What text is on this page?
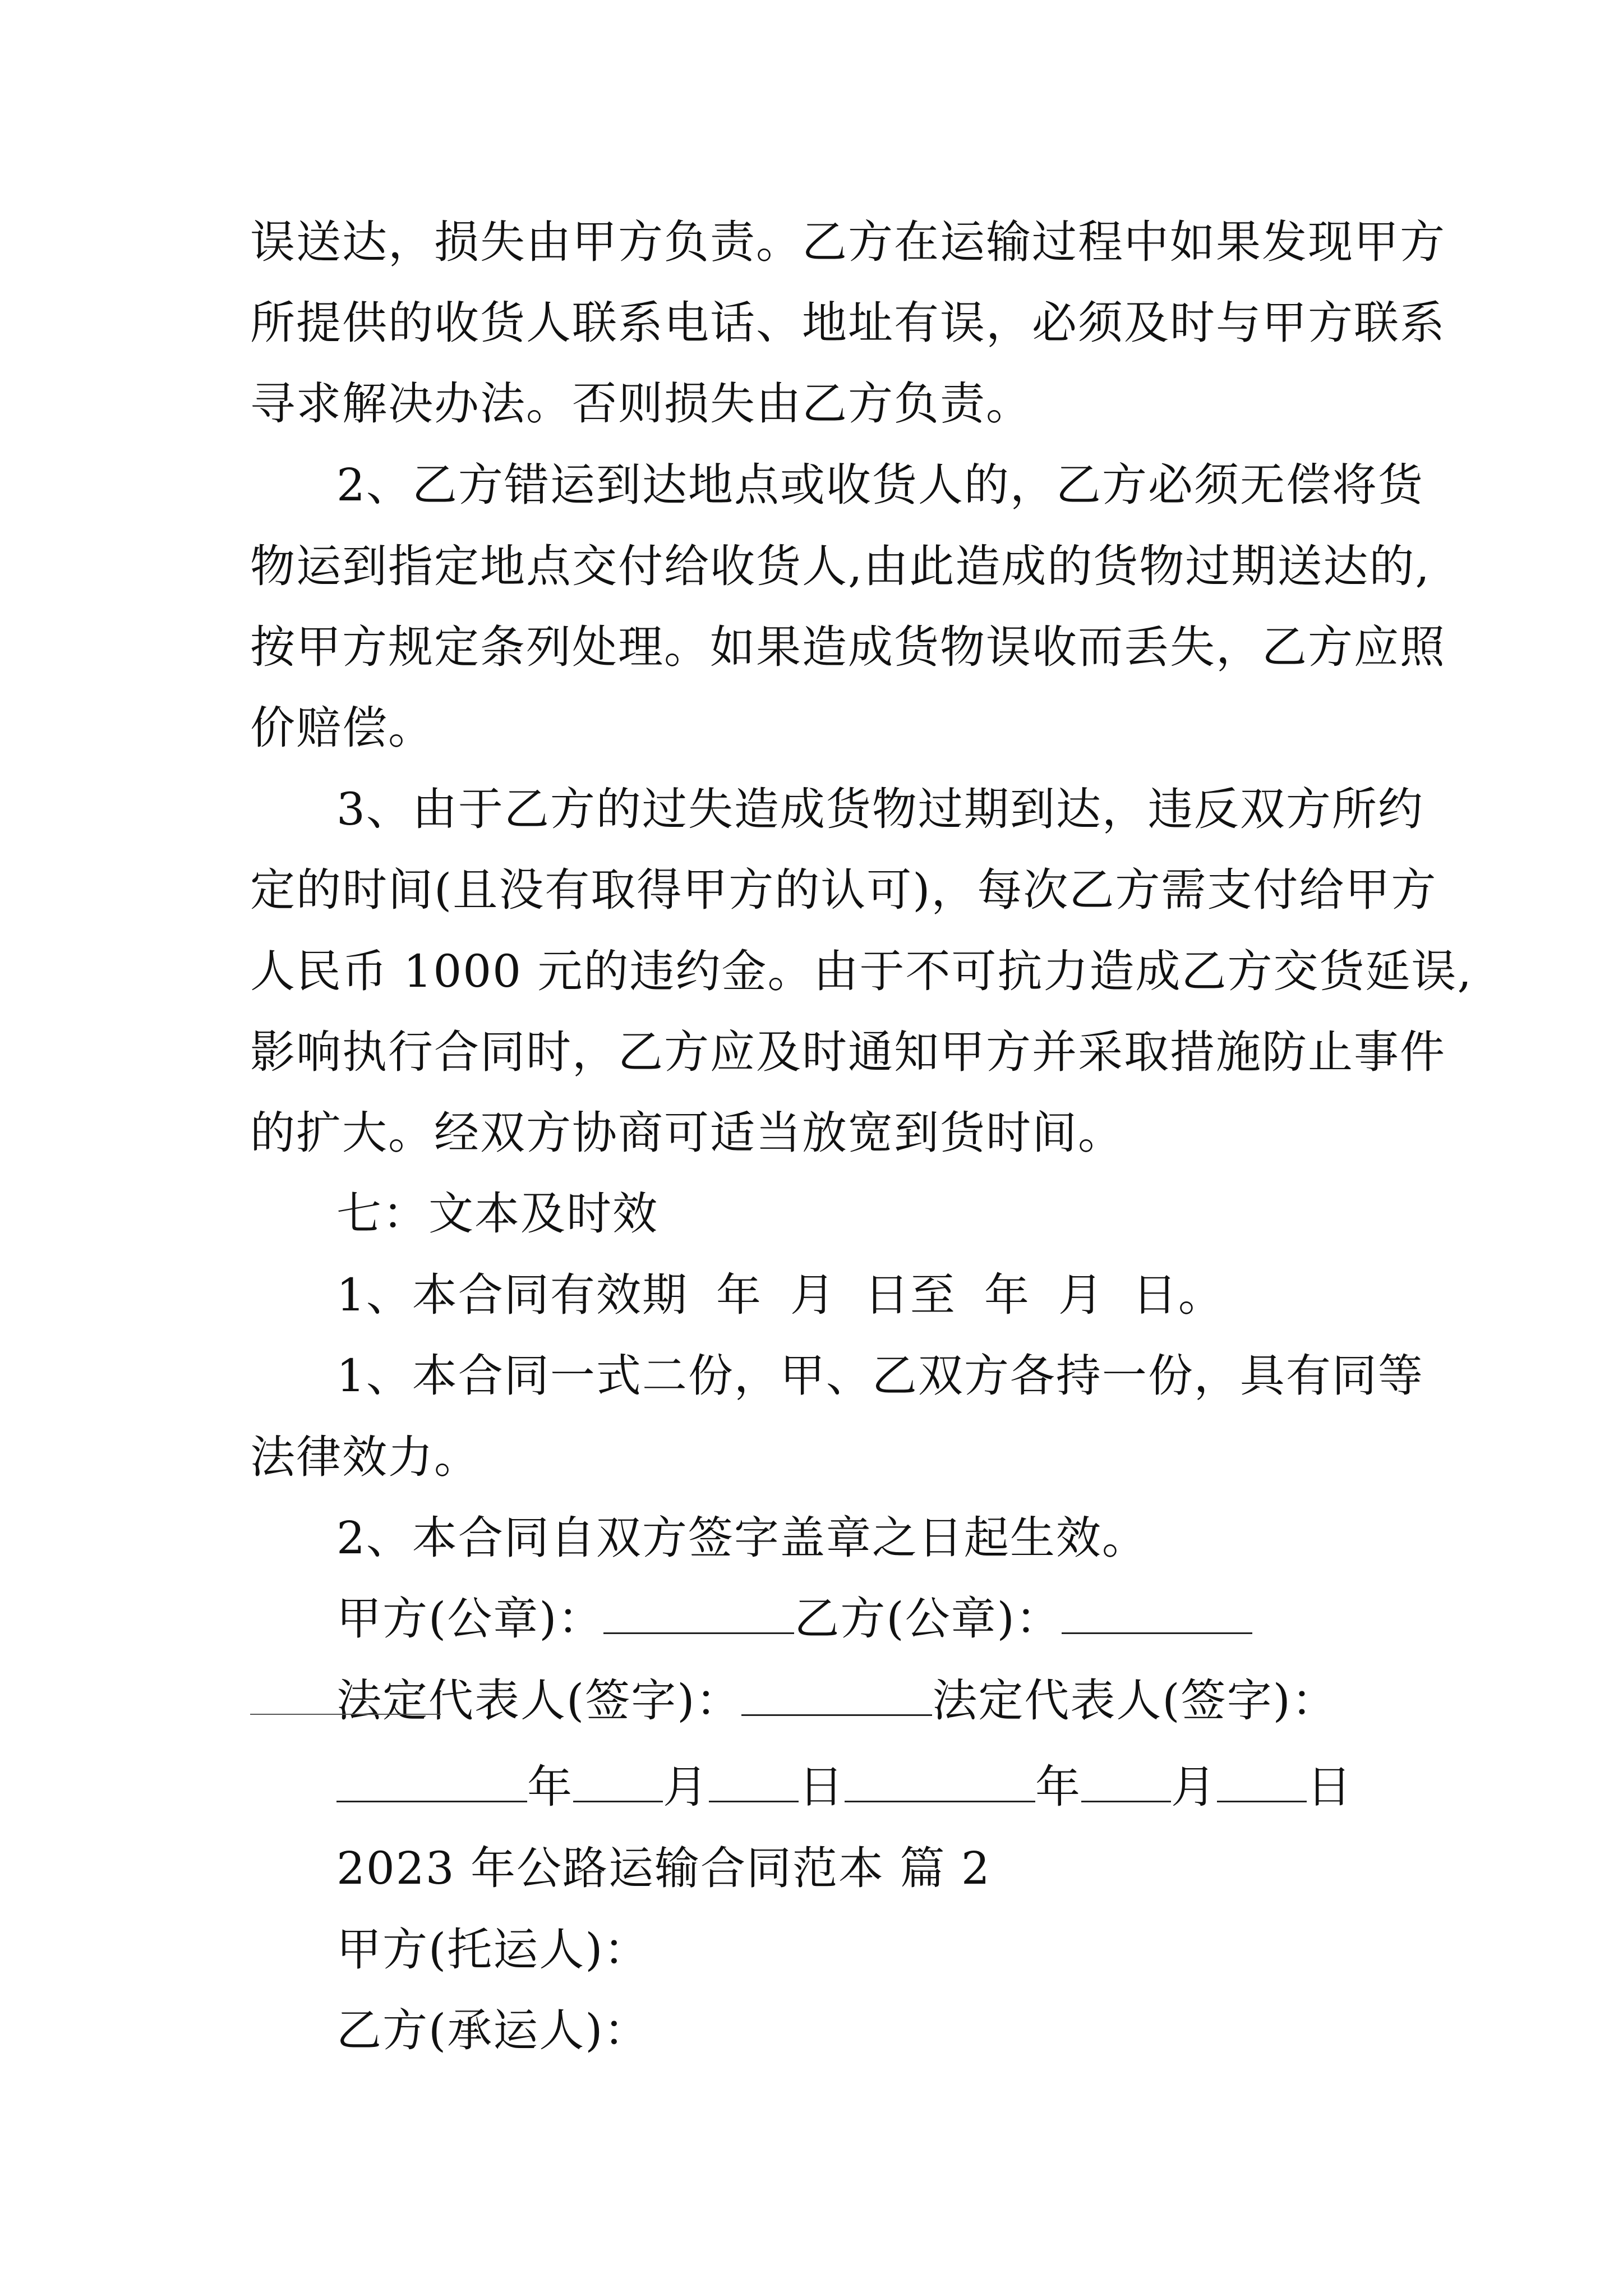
误送达，损失由甲方负责。乙方在运输过程中如果发现甲方
所提供的收货人联系电话、地址有误，必须及时与甲方联系
寻求解决办法。否则损失由乙方负责。
2、乙方错运到达地点或收货人的，乙方必须无偿将货
物运到指定地点交付给收货人,由此造成的货物过期送达的,
按甲方规定条列处理。如果造成货物误收而丢失，乙方应照
价赔偿。
3、由于乙方的过失造成货物过期到达，违反双方所约
定的时间(且没有取得甲方的认可)，每次乙方需支付给甲方
人民币 1000 元的违约金。由于不可抗力造成乙方交货延误,
影响执行合同时，乙方应及时通知甲方并采取措施防止事件
的扩大。经双方协商可适当放宽到货时间。
七：文本及时效
1、本合同有效期 年 月 日至 年 月 日。
1、本合同一式二份，甲、乙双方各持一份，具有同等
法律效力。
2、本合同自双方签字盖章之日起生效。
甲方(公章)：	乙方(公章)：
法定代表人(签字)：	法定代表人(签字)：
年 月 日	年 月 日
2023 年公路运输合同范本 篇 2
甲方(托运人)：
乙方(承运人)：
